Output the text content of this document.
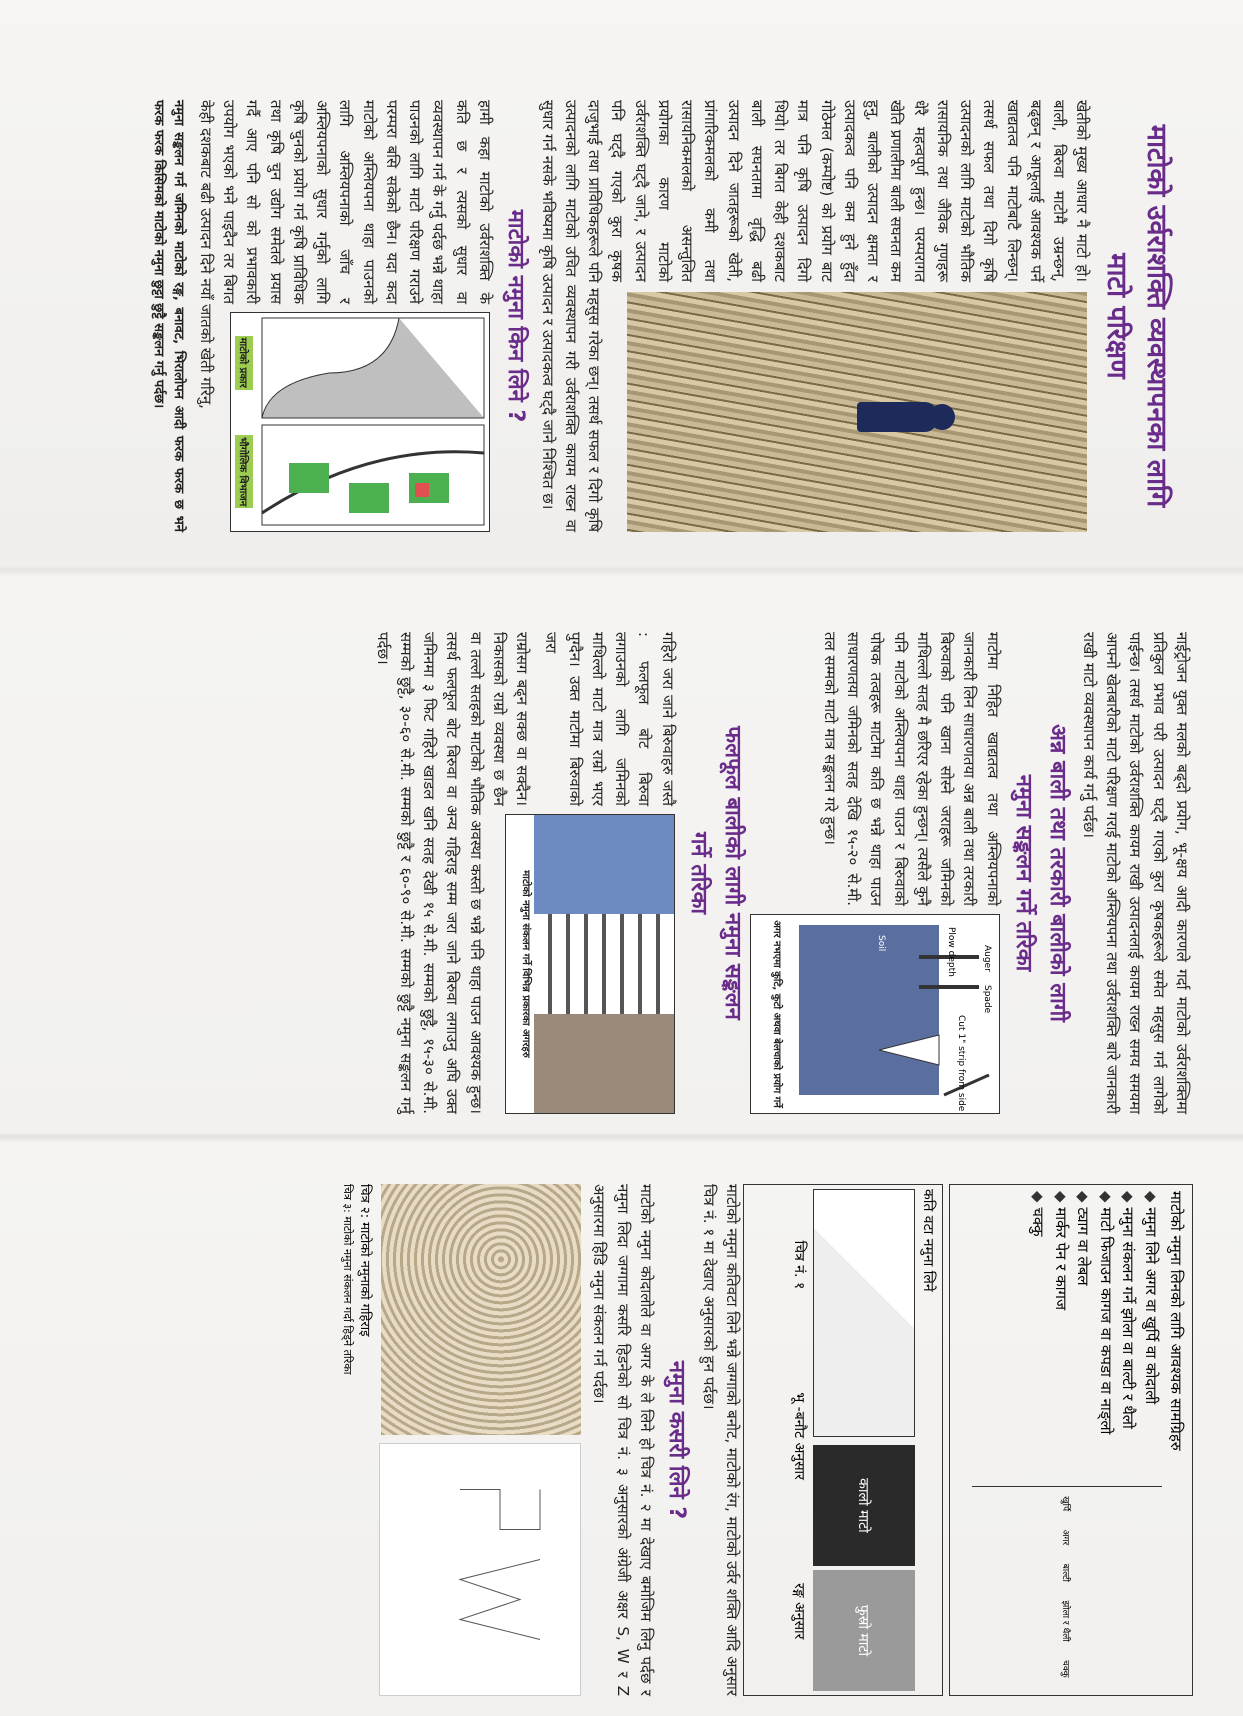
माटोको उर्वराशक्ति व्यवस्थापनका लागि
माटो परिक्षण

खेतीको मुख्य आधार नै माटो हो। बाली, बिरुवा माटोमै उम्रन्छन्, बढ्छन् र आफूलाई आवश्यक पर्ने खाद्यतत्व पनि माटोबाटै लिन्छन्। तसर्थ सफल तथा दिगो कृषि उत्पादनको लागि माटोको भौतिक रासायनिक तथा जैविक गुणहरू धेरै महत्वपूर्ण हुन्छ। परम्परागत खेति प्रणालीमा बाली सघनता कम हुनु, बालीको उत्पादन क्षमता र उत्पादकत्व पनि कम हुने हुँदा गोठेमल (कम्पोष्ट) को प्रयोग बाट मात्र पनि कृषि उत्पादन दिगो थियो। तर बिगत केही दशकबाट बाली सघनतामा वृद्धि बढी उत्पादन दिने जातहरूको खेती, प्रांगारिकमलको कमी तथा रासायनिकमलको असन्तुलित प्रयोगका कारण माटोको उर्वराशक्ति घट्दै जाने, र उत्पादन पनि घट्दै गएको कुरा कृषक दाजुभाई तथा प्राविधिकहरूले पनि महसुस गरेका छन्। तसर्थ सफल र दिगो कृषि उत्पादनको लागि माटोको उचित व्यवस्थापन गरी उर्वराशक्ति कायम राख्न वा सुधार गर्न नसके भविष्यमा कृषि उत्पादन र उत्पादकत्व घट्दै जाने निश्चित छ।

माटोको नमुना किन लिने ?
माटोको प्रकार
भौगोलिक विभाजन

हामी कहा माटोको उर्वराशक्ति के कति छ र त्यसको सुधार वा व्यवस्थापन गर्न के गर्नु पर्दछ भन्ने थाहा पाउनको लागि माटो परिक्षण गराउने परम्परा बसि सकेको छैन। यदा कदा माटोको अम्लियपना थाहा पाउनको लागि अम्लियपनाको जाँच र अम्लियपनाको सुधार गर्नुको लागि कृषि चुनको प्रयोग गर्न कृषि प्राविधिक तथा कृषि चुन उद्योग समेतले प्रयास गर्दै आए पनि सो को प्रभावकारी उपयोग भएको भने पाइदैन तर बिगत केही दशकबाट बढी उत्पादन दिने नयाँ जातको खेती गरिनु,

नमुना सङ्कलन गर्न जमिनको माटोको रङ्ग, बनावट, भिरालोपन आदी फरक फरक छ भने फरक फरक किसिमको माटोको नमुना छुट्टा छुट्टै सङ्कलन गर्नु पर्दछ।

नाईट्रोजन युक्त मलको बढ्दो प्रयोग, भू-क्षय आदी कारणले गर्दा माटोको उर्वराशक्तिमा प्रतिकुल प्रभाव परी उत्पादन घट्दै गएको कुरा कृषकहरूले समेत महसुस गर्न लागेको पाईन्छ। तसर्थ माटोको उर्वराशक्ति कायम राखी उत्पादनलाई कायम राख्न समय समयमा आफ्नो खेतबारीको माटो परिक्षण गराई माटोको अम्लियपना तथा उर्वराशक्ति बारे जानकारी राखी माटो व्यवस्थापन कार्य गर्नु पर्दछ।

अन्न बाली तथा तरकारी बालीको लागी
नमुना सङ्कलन गर्ने तरिका
Plow depth
Soil
Auger
Spade
Cut 1" strip from side
अगर नभएमा कुटि, कुटो अथवा बेलचाको प्रयोग गर्ने

माटोमा निहित खाद्यतत्व तथा अम्लियपनाको जानकारी लिन साधारणतया अन्न बाली तथा तरकारी बिरुवाको पनि खाना सोस्ने जराहरू जमिनको माथिल्लो सतह मै छरिएर रहेका हुन्छन्। त्यसैले कुनै पनि माटोको अम्लियपना थाहा पाउन र बिरुवाको पोषक तत्वहरू माटोमा कति छ भन्ने थाहा पाउन साधारणतया जमिनको सतह देखि १५-२० से.मी. तल सम्मको माटो मात्र सङ्कलन गरे हुन्छ।

फलफूल बालीको लागी नमुना सङ्कलन
गर्ने तरिका
माटोको नमुना संकलन गर्ने विभिन्न प्रकारका अगरहरु

गहिरो जरा जाने बिरुवाहरु जस्तै : फलफूल बोट बिरुवा लगाउनको लागि जमिनको माथिल्लो माटो मात्र राम्रो भएर पुग्दैन। उक्त माटोमा बिरुवाको जरा

राम्रोसग बढ्न सक्छ वा सक्दैन। निकासको राम्रो व्यवस्था छ छैन वा तल्लो सतहको माटोको भौतिक अवस्था कस्तो छ भन्ने पनि थाहा पाउन आवश्यक हुन्छ। तसर्थ फलफूल बोट बिरुवा वा अन्य गहिराइ सम्म जरा जाने बिरुवा लगाउनु अघि उक्त जमिनमा ३ फिट गहिरो खाडल खनि सतह देखी १५ से.मी. सम्मको छुट्टै, १५-३० से.मी. सम्मको छुट्टै, ३०-६० से.मी. सम्मको छुट्टै र ६०-९० से.मी. सम्मको छुट्टै नमुना सङ्कलन गर्नु पर्दछ।

माटोको नमुना लिनको लागि आवश्यक सामग्रिहरु
◆ नमुना लिने अगर वा खुर्पि वा कोदाली
◆ नमुना संकलन गर्ने झोला वा बाल्टी र थैलो
◆ माटो फिजाउन कागज वा कपडा वा नाङ्लो
◆ ट्याग वा लेबल
◆ मार्कर पेन र कागज
◆ चक्कु
खुर्पि
अगर
बाल्टी
झोला र थैली
चक्कु
कति वटा नमुना लिने
कालो माटो
फुस्रो माटो
चित्र नं. १
भू -बनौट अनुसार
रङ्ग अनुसार

माटोको नमुना कतिवटा लिने भन्ने जग्गाको बनोट, माटोको रंग, माटोको उर्वर शक्ति आदि अनुसार चित्र नं. १ मा देखाए अनुसारको हुन पर्दछ।

नमुना कसरी लिने ?

माटोको नमुना कोदालोले वा अगर के ले लिने हो चित्र नं. २ मा देखाए बमोजिम लिनु पर्दछ र नमुना लिदा जग्गामा कसरि हिडनेको सो चित्र नं. ३ अनुसारको अंग्रेजी अक्षर S, W र Z अनुसारमा हिडि नमुना संकलन गर्न पर्दछ।

चित्र २: माटोको नमुनाको गहिराइ
चित्र ३: माटोको नमुना संकलन गर्दा हिड्ने तरिका
